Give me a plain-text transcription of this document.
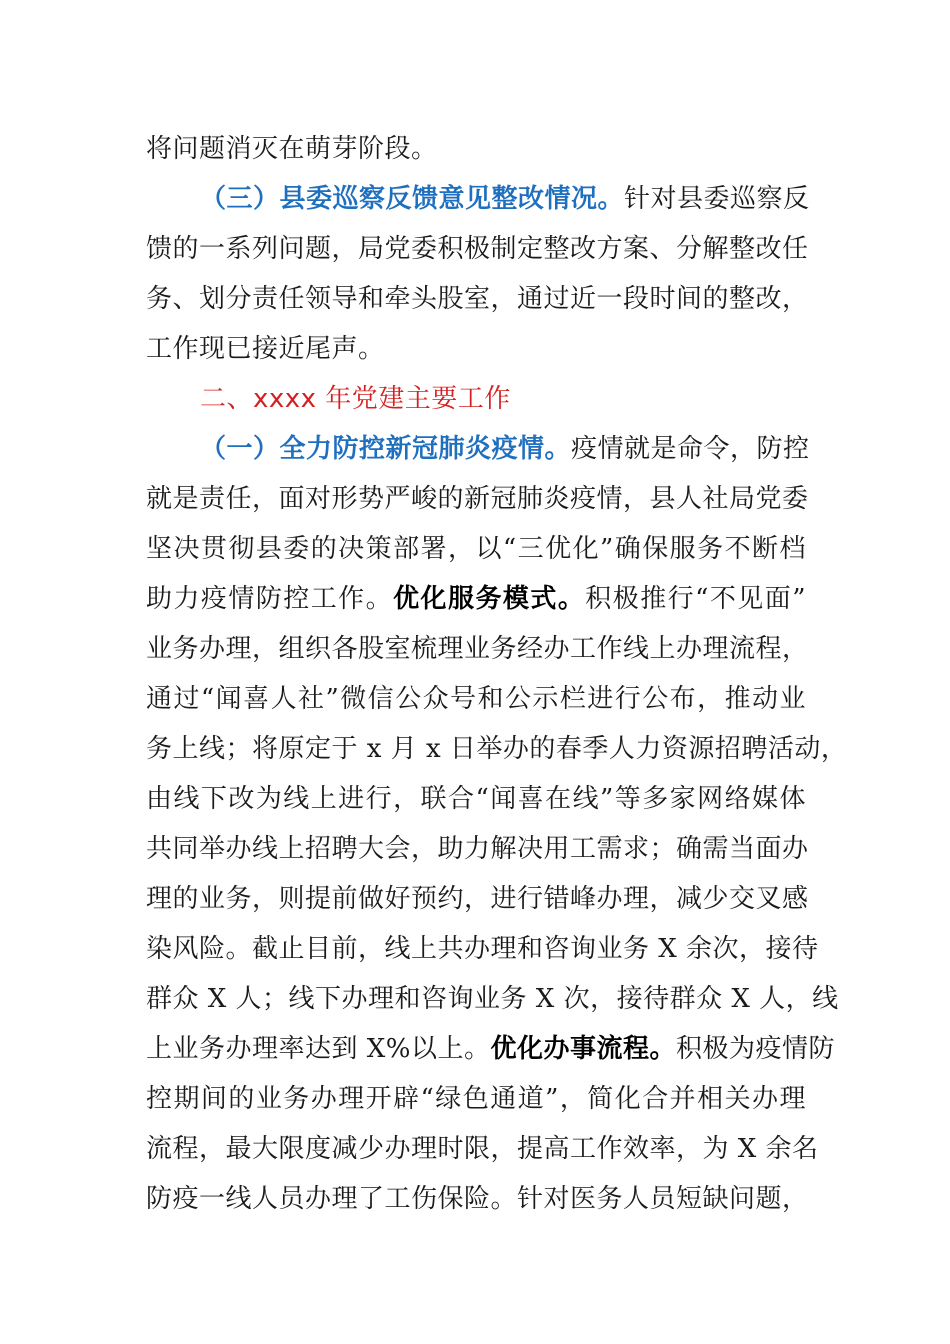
将问题消灭在萌芽阶段。
（三）县委巡察反馈意见整改情况。针对县委巡察反
馈的一系列问题，局党委积极制定整改方案、分解整改任
务、划分责任领导和牵头股室，通过近一段时间的整改，
工作现已接近尾声。
二、xxxx 年党建主要工作
（一）全力防控新冠肺炎疫情。疫情就是命令，防控
就是责任，面对形势严峻的新冠肺炎疫情，县人社局党委
坚决贯彻县委的决策部署，以“三优化”确保服务不断档
助力疫情防控工作。优化服务模式。积极推行“不见面”
业务办理，组织各股室梳理业务经办工作线上办理流程，
通过“闻喜人社”微信公众号和公示栏进行公布，推动业
务上线；将原定于 x 月 x 日举办的春季人力资源招聘活动，
由线下改为线上进行，联合“闻喜在线”等多家网络媒体
共同举办线上招聘大会，助力解决用工需求；确需当面办
理的业务，则提前做好预约，进行错峰办理，减少交叉感
染风险。截止目前，线上共办理和咨询业务 X 余次，接待
群众 X 人；线下办理和咨询业务 X 次，接待群众 X 人，线
上业务办理率达到 X%以上。优化办事流程。积极为疫情防
控期间的业务办理开辟“绿色通道”，简化合并相关办理
流程，最大限度减少办理时限，提高工作效率，为 X 余名
防疫一线人员办理了工伤保险。针对医务人员短缺问题，
